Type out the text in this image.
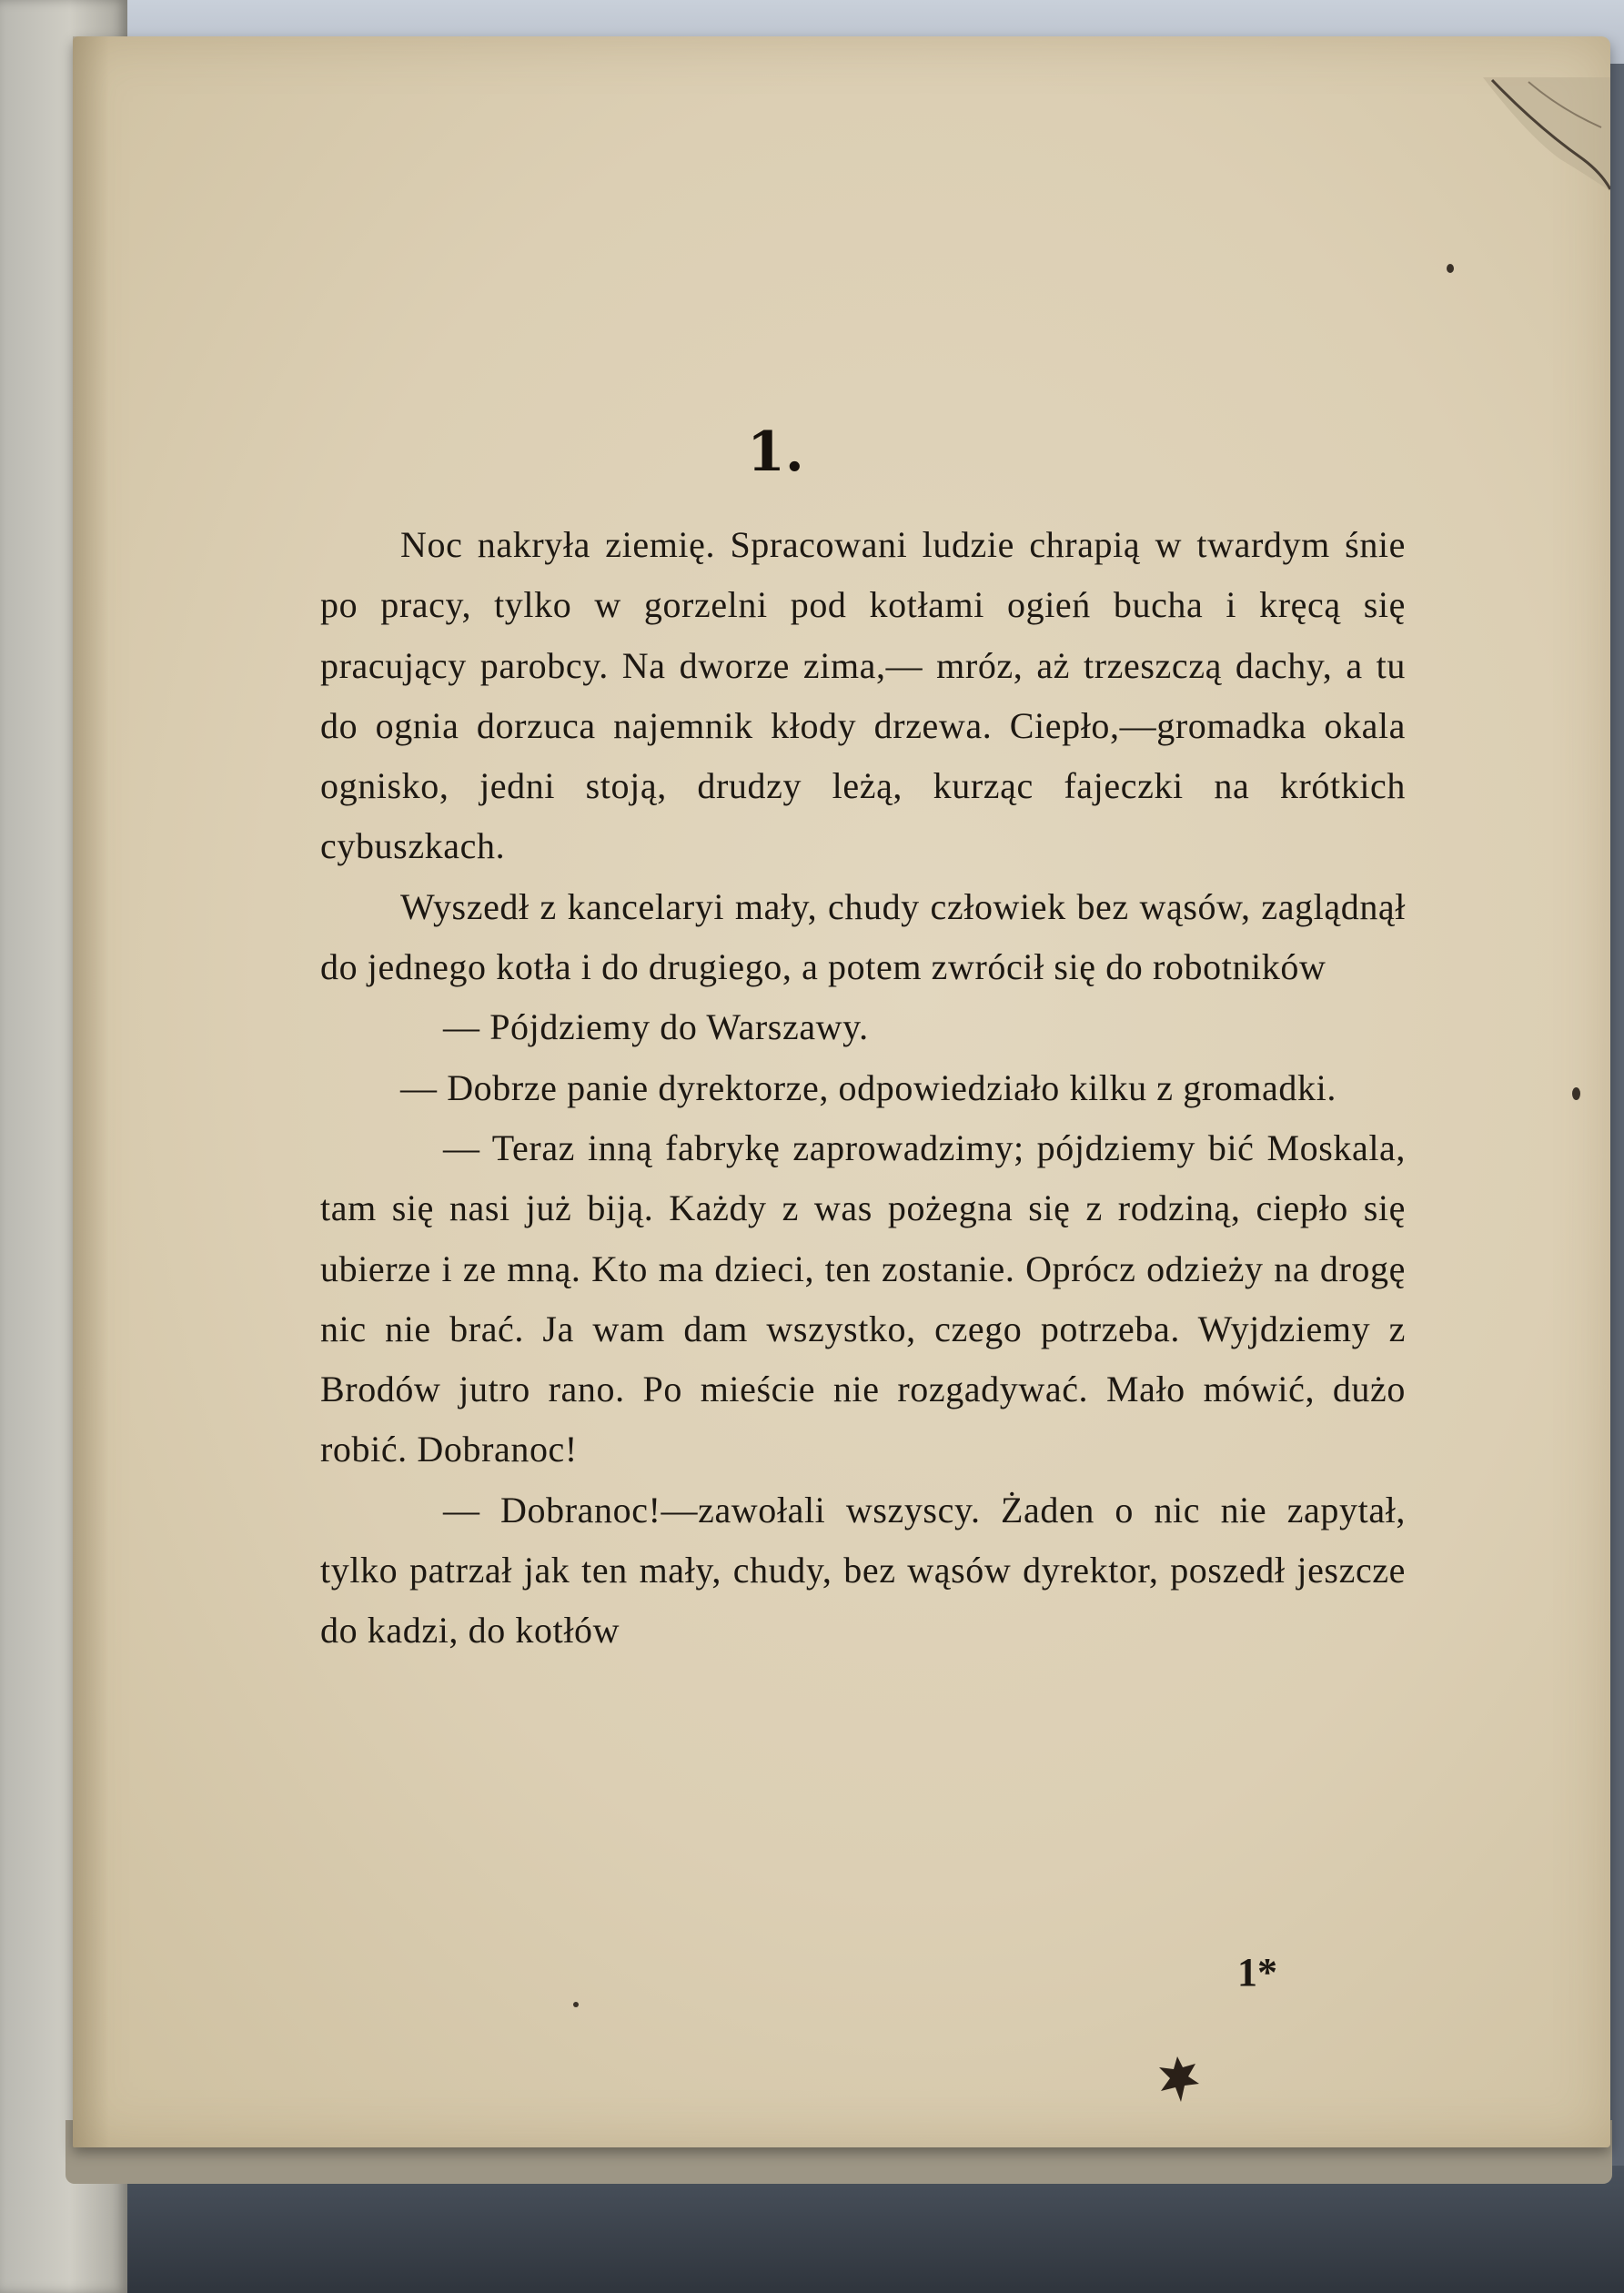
1.

Noc nakryła ziemię. Spracowani ludzie chrapią w twardym śnie po pracy, tylko w gorzelni pod kotłami ogień bucha i kręcą się pracujący parobcy. Na dworze zima,— mróz, aż trzeszczą dachy, a tu do ognia dorzuca najemnik kłody drzewa. Ciepło,—gromadka okala ognisko, jedni stoją, drudzy leżą, kurząc fajeczki na krótkich cybuszkach.

Wyszedł z kancelaryi mały, chudy człowiek bez wąsów, zaglądnął do jednego kotła i do drugiego, a potem zwrócił się do robotników

— Pójdziemy do Warszawy.

— Dobrze panie dyrektorze, odpowiedziało kilku z gromadki.

— Teraz inną fabrykę zaprowadzimy; pójdziemy bić Moskala, tam się nasi już biją. Każdy z was pożegna się z rodziną, ciepło się ubierze i ze mną. Kto ma dzieci, ten zostanie. Oprócz odzieży na drogę nic nie brać. Ja wam dam wszystko, czego potrzeba. Wyjdziemy z Brodów jutro rano. Po mieście nie rozgadywać. Mało mówić, dużo robić. Dobranoc!

— Dobranoc!—zawołali wszyscy. Żaden o nic nie zapytał, tylko patrzał jak ten mały, chudy, bez wąsów dyrektor, poszedł jeszcze do kadzi, do kotłów

1*
